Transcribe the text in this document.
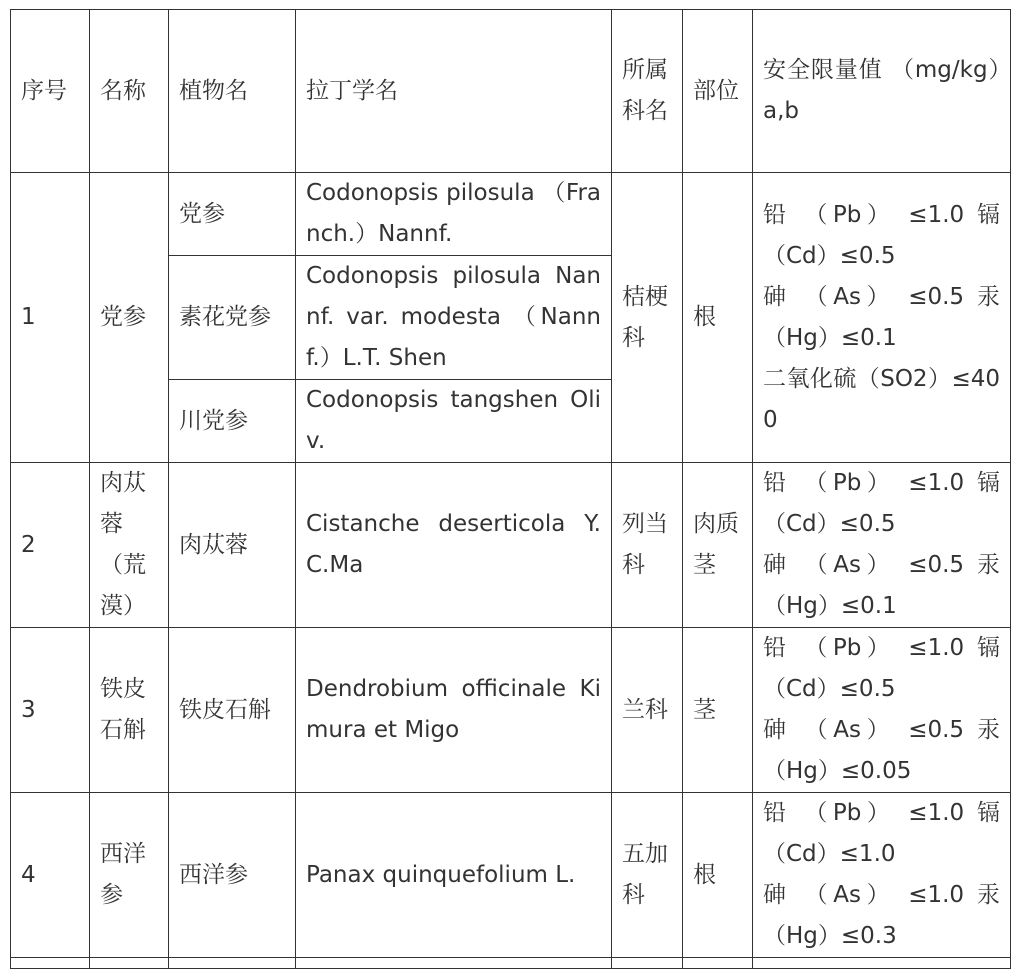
序号	名称	植物名	拉丁学名	所属科名	部位	安全限量值 （mg/kg）a,b
1	党参	党参	Codonopsis pilosula （Franch.）Nannf.	桔梗科	根	铅 （Pb） ≤1.0 镉（Cd）≤0.5
砷 （As） ≤0.5 汞（Hg）≤0.1
二氧化硫（SO2）≤400

		素花党参	Codonopsis pilosula Nannf. var. modesta （Nannf.）L.T. Shen			
		川党参	Codonopsis tangshen Oliv.			
2	肉苁蓉（荒漠）	肉苁蓉	Cistanche deserticola Y.C.Ma	列当科	肉质茎	铅 （Pb） ≤1.0 镉（Cd）≤0.5
砷 （As） ≤0.5 汞（Hg）≤0.1

3	铁皮石斛	铁皮石斛	Dendrobium officinale Kimura et Migo	兰科	茎	铅 （Pb） ≤1.0 镉（Cd）≤0.5
砷 （As） ≤0.5 汞（Hg）≤0.05

4	西洋参	西洋参	Panax quinquefolium L.	五加科	根	铅 （Pb） ≤1.0 镉（Cd）≤1.0
砷 （As） ≤1.0 汞（Hg）≤0.3
